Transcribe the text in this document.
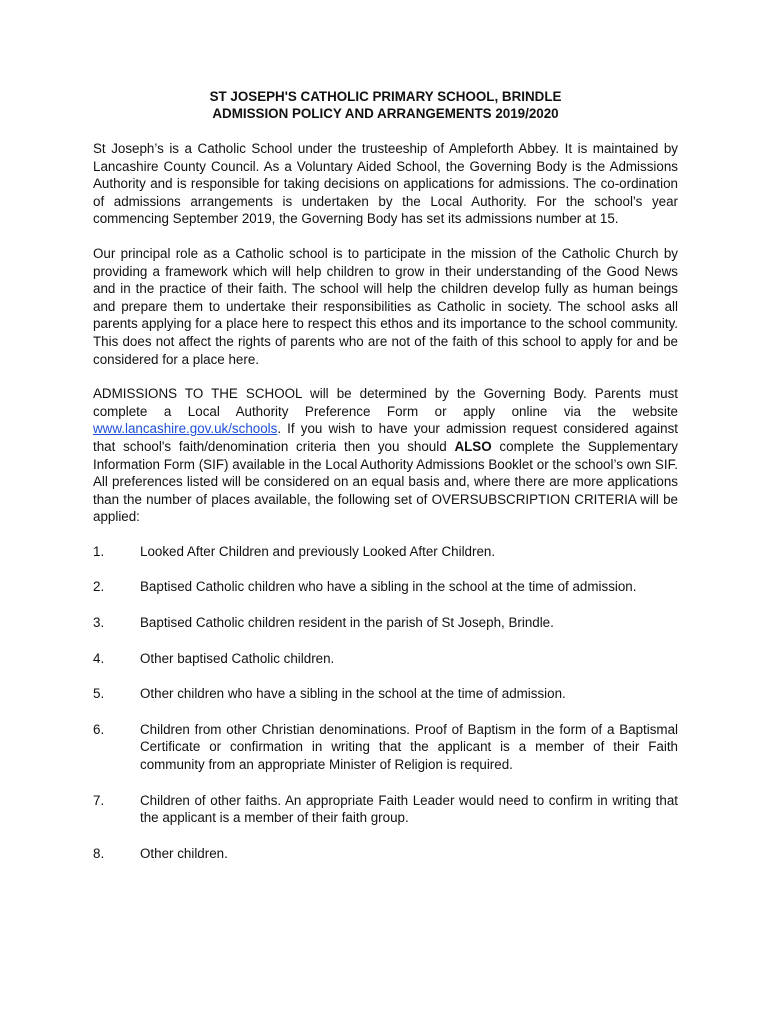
ST JOSEPH'S CATHOLIC PRIMARY SCHOOL, BRINDLE
ADMISSION POLICY AND ARRANGEMENTS 2019/2020

St Joseph’s is a Catholic School under the trusteeship of Ampleforth Abbey. It is maintained by Lancashire County Council. As a Voluntary Aided School, the Governing Body is the Admissions Authority and is responsible for taking decisions on applications for admissions. The co-ordination of admissions arrangements is undertaken by the Local Authority. For the school’s year commencing September 2019, the Governing Body has set its admissions number at 15.

Our principal role as a Catholic school is to participate in the mission of the Catholic Church by providing a framework which will help children to grow in their understanding of the Good News and in the practice of their faith. The school will help the children develop fully as human beings and prepare them to undertake their responsibilities as Catholic in society. The school asks all parents applying for a place here to respect this ethos and its importance to the school community. This does not affect the rights of parents who are not of the faith of this school to apply for and be considered for a place here.

ADMISSIONS TO THE SCHOOL will be determined by the Governing Body. Parents must complete a Local Authority Preference Form or apply online via the website www.lancashire.gov.uk/schools. If you wish to have your admission request considered against that school's faith/denomination criteria then you should ALSO complete the Supplementary Information Form (SIF) available in the Local Authority Admissions Booklet or the school’s own SIF. All preferences listed will be considered on an equal basis and, where there are more applications than the number of places available, the following set of OVERSUBSCRIPTION CRITERIA will be applied:

1.	Looked After Children and previously Looked After Children.
2.	Baptised Catholic children who have a sibling in the school at the time of admission.
3.	Baptised Catholic children resident in the parish of St Joseph, Brindle.
4.	Other baptised Catholic children.
5.	Other children who have a sibling in the school at the time of admission.
6.	Children from other Christian denominations. Proof of Baptism in the form of a Baptismal Certificate or confirmation in writing that the applicant is a member of their Faith community from an appropriate Minister of Religion is required.
7.	Children of other faiths. An appropriate Faith Leader would need to confirm in writing that the applicant is a member of their faith group.
8.	Other children.
